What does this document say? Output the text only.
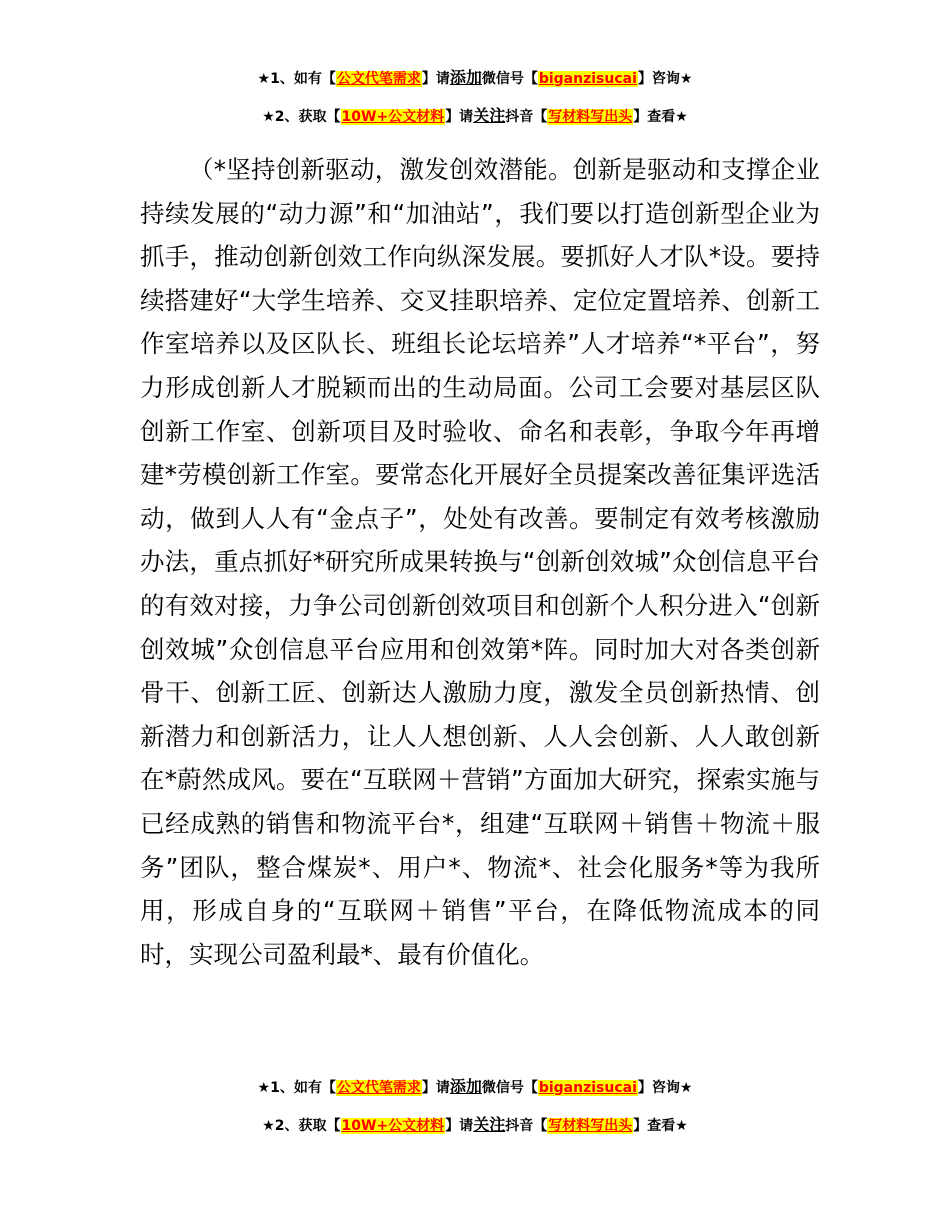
★1、如有【公文代笔需求】请添加微信号【biganzisucai】咨询★
★2、获取【10W+公文材料】请关注抖音【写材料写出头】查看★

（*坚持创新驱动，激发创效潜能。创新是驱动和支撑企业持续发展的“动力源”和“加油站”，我们要以打造创新型企业为抓手，推动创新创效工作向纵深发展。要抓好人才队*设。要持续搭建好“大学生培养、交叉挂职培养、定位定置培养、创新工作室培养以及区队长、班组长论坛培养”人才培养“*平台”，努力形成创新人才脱颖而出的生动局面。公司工会要对基层区队创新工作室、创新项目及时验收、命名和表彰，争取今年再增建*劳模创新工作室。要常态化开展好全员提案改善征集评选活动，做到人人有“金点子”，处处有改善。要制定有效考核激励办法，重点抓好*研究所成果转换与“创新创效城”众创信息平台的有效对接，力争公司创新创效项目和创新个人积分进入“创新创效城”众创信息平台应用和创效第*阵。同时加大对各类创新骨干、创新工匠、创新达人激励力度，激发全员创新热情、创新潜力和创新活力，让人人想创新、人人会创新、人人敢创新在*蔚然成风。要在“互联网＋营销”方面加大研究，探索实施与已经成熟的销售和物流平台*，组建“互联网＋销售＋物流＋服务”团队，整合煤炭*、用户*、物流*、社会化服务*等为我所用，形成自身的“互联网＋销售”平台，在降低物流成本的同时，实现公司盈利最*、最有价值化。

★1、如有【公文代笔需求】请添加微信号【biganzisucai】咨询★
★2、获取【10W+公文材料】请关注抖音【写材料写出头】查看★
